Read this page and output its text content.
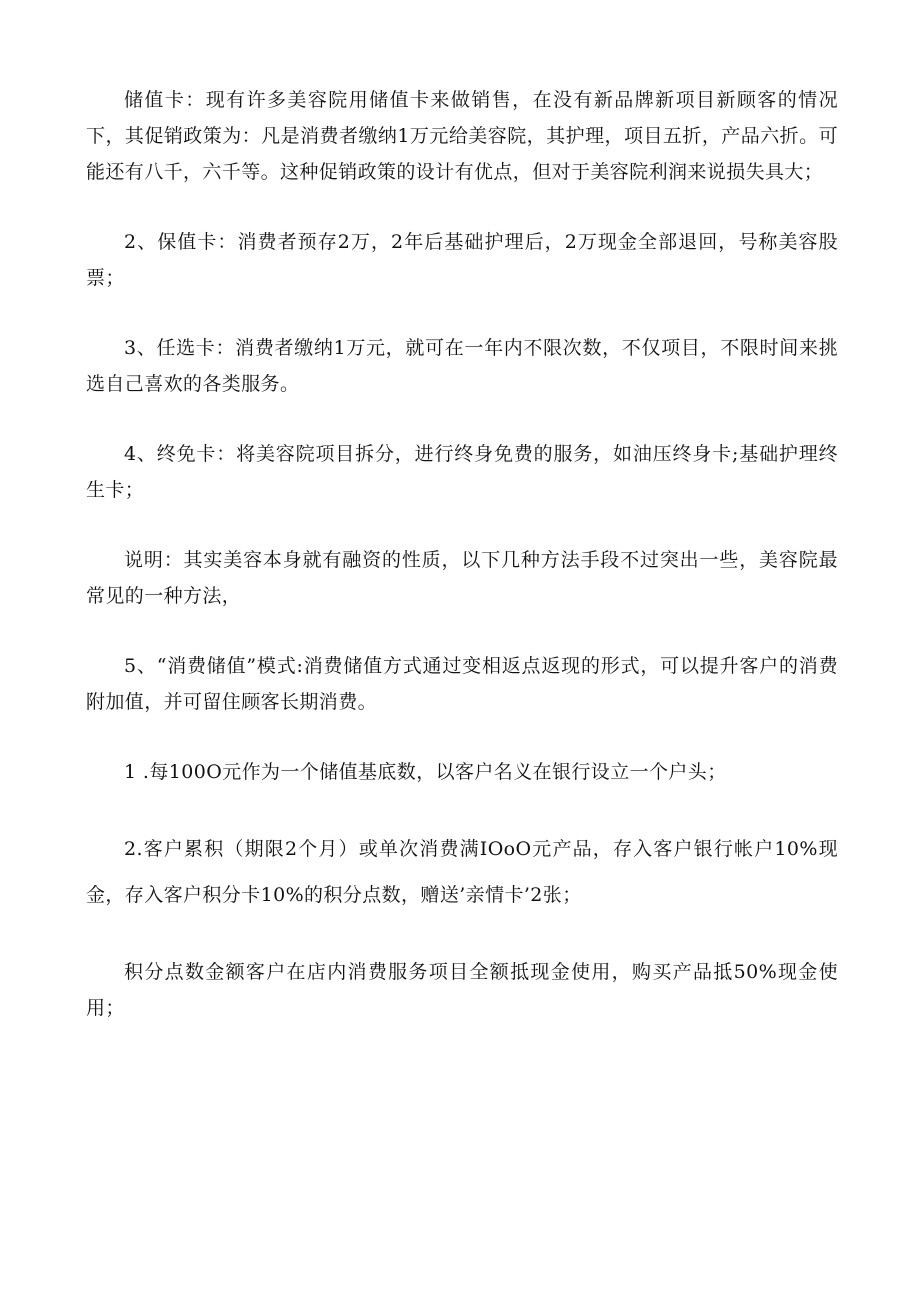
储值卡：现有许多美容院用储值卡来做销售，在没有新品牌新项目新顾客的情况下，其促销政策为：凡是消费者缴纳1万元给美容院，其护理，项目五折，产品六折。可能还有八千，六千等。这种促销政策的设计有优点，但对于美容院利润来说损失具大；

2、保值卡：消费者预存2万，2年后基础护理后，2万现金全部退回，号称美容股票；

3、任选卡：消费者缴纳1万元，就可在一年内不限次数，不仅项目，不限时间来挑选自己喜欢的各类服务。

4、终免卡：将美容院项目拆分，进行终身免费的服务，如油压终身卡;基础护理终生卡；

说明：其实美容本身就有融资的性质，以下几种方法手段不过突出一些，美容院最常见的一种方法，

5、“消费储值”模式:消费储值方式通过变相返点返现的形式，可以提升客户的消费附加值，并可留住顾客长期消费。

1 .每100O元作为一个储值基底数，以客户名义在银行设立一个户头；

2.客户累积（期限2个月）或单次消费满IOoO元产品，存入客户银行帐户10%现金，存入客户积分卡10%的积分点数，赠送’亲情卡’2张；

积分点数金额客户在店内消费服务项目全额抵现金使用，购买产品抵50%现金使用；
